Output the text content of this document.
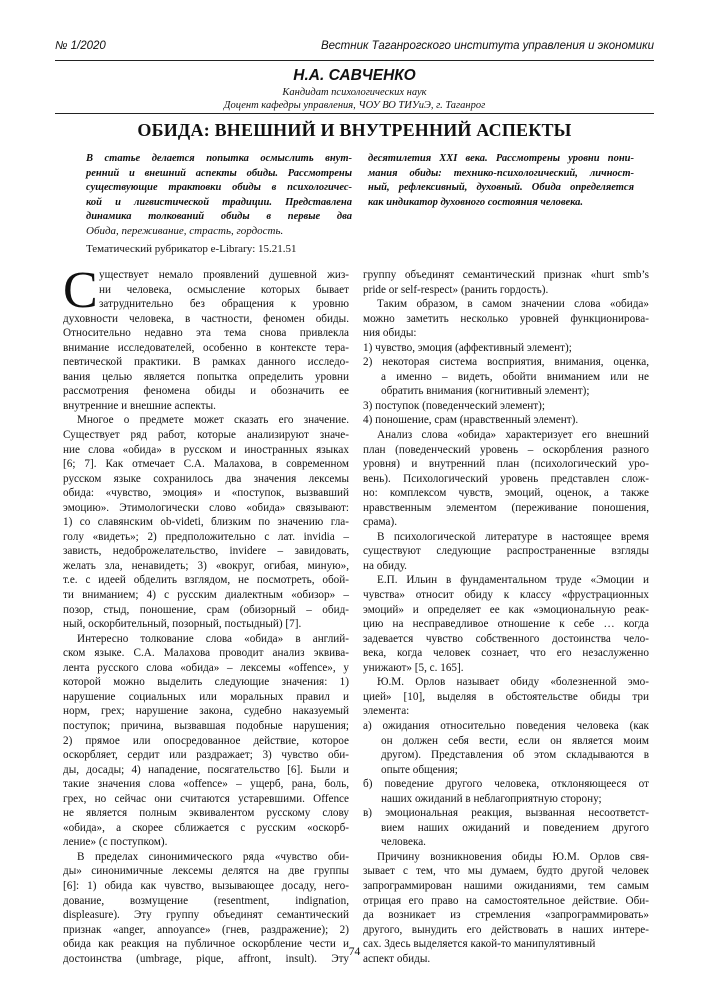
№ 1/2020	Вестник Таганрогского института управления и экономики
Н.А. САВЧЕНКО
Кандидат психологических наук
Доцент кафедры управления, ЧОУ ВО ТИУиЭ, г. Таганрог
ОБИДА: ВНЕШНИЙ И ВНУТРЕННИЙ АСПЕКТЫ
В статье делается попытка осмыслить внут-
ренний и внешний аспекты обиды. Рассмотрены
существующие трактовки обиды в психологичес-
кой и лигвистической традиции. Представлена
динамика толкований обиды в первые два
десятилетия XXI века. Рассмотрены уровни пони-
мания обиды: технико-психологический, личност-
ный, рефлексивный, духовный. Обида определяется
как индикатор духовного состояния человека.
Обида, переживание, страсть, гордость.
Тематический рубрикатор e-Library: 15.21.51
С уществует немало проявлений душевной жиз-
ни человека, осмысление которых бывает
затруднительно без обращения к уровню
духовности человека, в частности, феномен обиды.
Относительно недавно эта тема снова привлекла
внимание исследователей, особенно в контексте тера-
певтической практики. В рамках данного исследо-
вания целью является попытка определить уровни
рассмотрения феномена обиды и обозначить ее
внутренние и внешние аспекты.
Многое о предмете может сказать его значение.
Существует ряд работ, которые анализируют значе-
ние слова «обида» в русском и иностранных языках
[6; 7]. Как отмечает С.А. Малахова, в современном
русском языке сохранилось два значения лексемы
обида: «чувство, эмоция» и «поступок, вызвавший
эмоцию». Этимологически слово «обида» связывают:
1) со славянским ob-videti, близким по значению гла-
голу «видеть»; 2) предположительно с лат. invidia –
зависть, недоброжелательство, invidere – завидовать,
желать зла, ненавидеть; 3) «вокруг, огибая, миную»,
т.е. с идеей обделить взглядом, не посмотреть, обой-
ти вниманием; 4) с русским диалектным «обизор» –
позор, стыд, поношение, срам (обизорный – обид-
ный, оскорбительный, позорный, постыдный) [7].
Интересно толкование слова «обида» в англий-
ском языке. С.А. Малахова проводит анализ эквива-
лента русского слова «обида» – лексемы «offence», у
которой можно выделить следующие значения: 1)
нарушение социальных или моральных правил и
норм, грех; нарушение закона, судебно наказуемый
поступок; причина, вызвавшая подобные нарушения;
2) прямое или опосредованное действие, которое
оскорбляет, сердит или раздражает; 3) чувство оби-
ды, досады; 4) нападение, посягательство [6]. Были и
такие значения слова «offence» – ущерб, рана, боль,
грех, но сейчас они считаются устаревшими. Offence
не является полным эквивалентом русскому слову
«обида», а скорее сближается с русским «оскорб-
ление» (с поступком).
В пределах синонимического ряда «чувство оби-
ды» синонимичные лексемы делятся на две группы
[6]: 1) обида как чувство, вызывающее досаду, него-
дование, возмущение (resentment, indignation,
displeasure). Эту группу объединят семантический
признак «anger, annoyance» (гнев, раздражение); 2)
обида как реакция на публичное оскорбление чести и
достоинства (umbrage, pique, affront, insult). Эту
группу объединят семантический признак «hurt smb’s
pride or self-respect» (ранить гордость).
Таким образом, в самом значении слова «обида»
можно заметить несколько уровней функционирова-
ния обиды:
1) чувство, эмоция (аффективный элемент);
2) некоторая система восприятия, внимания, оценка,
а именно – видеть, обойти вниманием или не
обратить внимания (когнитивный элемент);
3) поступок (поведенческий элемент);
4) поношение, срам (нравственный элемент).
Анализ слова «обида» характеризует его внешний
план (поведенческий уровень – оскорбления разного
уровня) и внутренний план (психологический уро-
вень). Психологический уровень представлен слож-
но: комплексом чувств, эмоций, оценок, а также
нравственным элементом (переживание поношения,
срама).
В психологической литературе в настоящее время
существуют следующие распространенные взгляды
на обиду.
Е.П. Ильин в фундаментальном труде «Эмоции и
чувства» относит обиду к классу «фрустрационных
эмоций» и определяет ее как «эмоциональную реак-
цию на несправедливое отношение к себе … когда
задевается чувство собственного достоинства чело-
века, когда человек сознает, что его незаслуженно
унижают» [5, с. 165].
Ю.М. Орлов называет обиду «болезненной эмо-
цией» [10], выделяя в обстоятельстве обиды три
элемента:
а) ожидания относительно поведения человека (как
он должен себя вести, если он является моим
другом). Представления об этом складываются в
опыте общения;
б) поведение другого человека, отклоняющееся от
наших ожиданий в неблагоприятную сторону;
в) эмоциональная реакция, вызванная несоответст-
вием наших ожиданий и поведением другого
человека.
Причину возникновения обиды Ю.М. Орлов свя-
зывает с тем, что мы думаем, будто другой человек
запрограммирован нашими ожиданиями, тем самым
отрицая его право на самостоятельное действие. Оби-
да возникает из стремления «запрограммировать»
другого, вынудить его действовать в наших интере-
сах. Здесь выделяется какой-то манипулятивный
аспект обиды.
74
